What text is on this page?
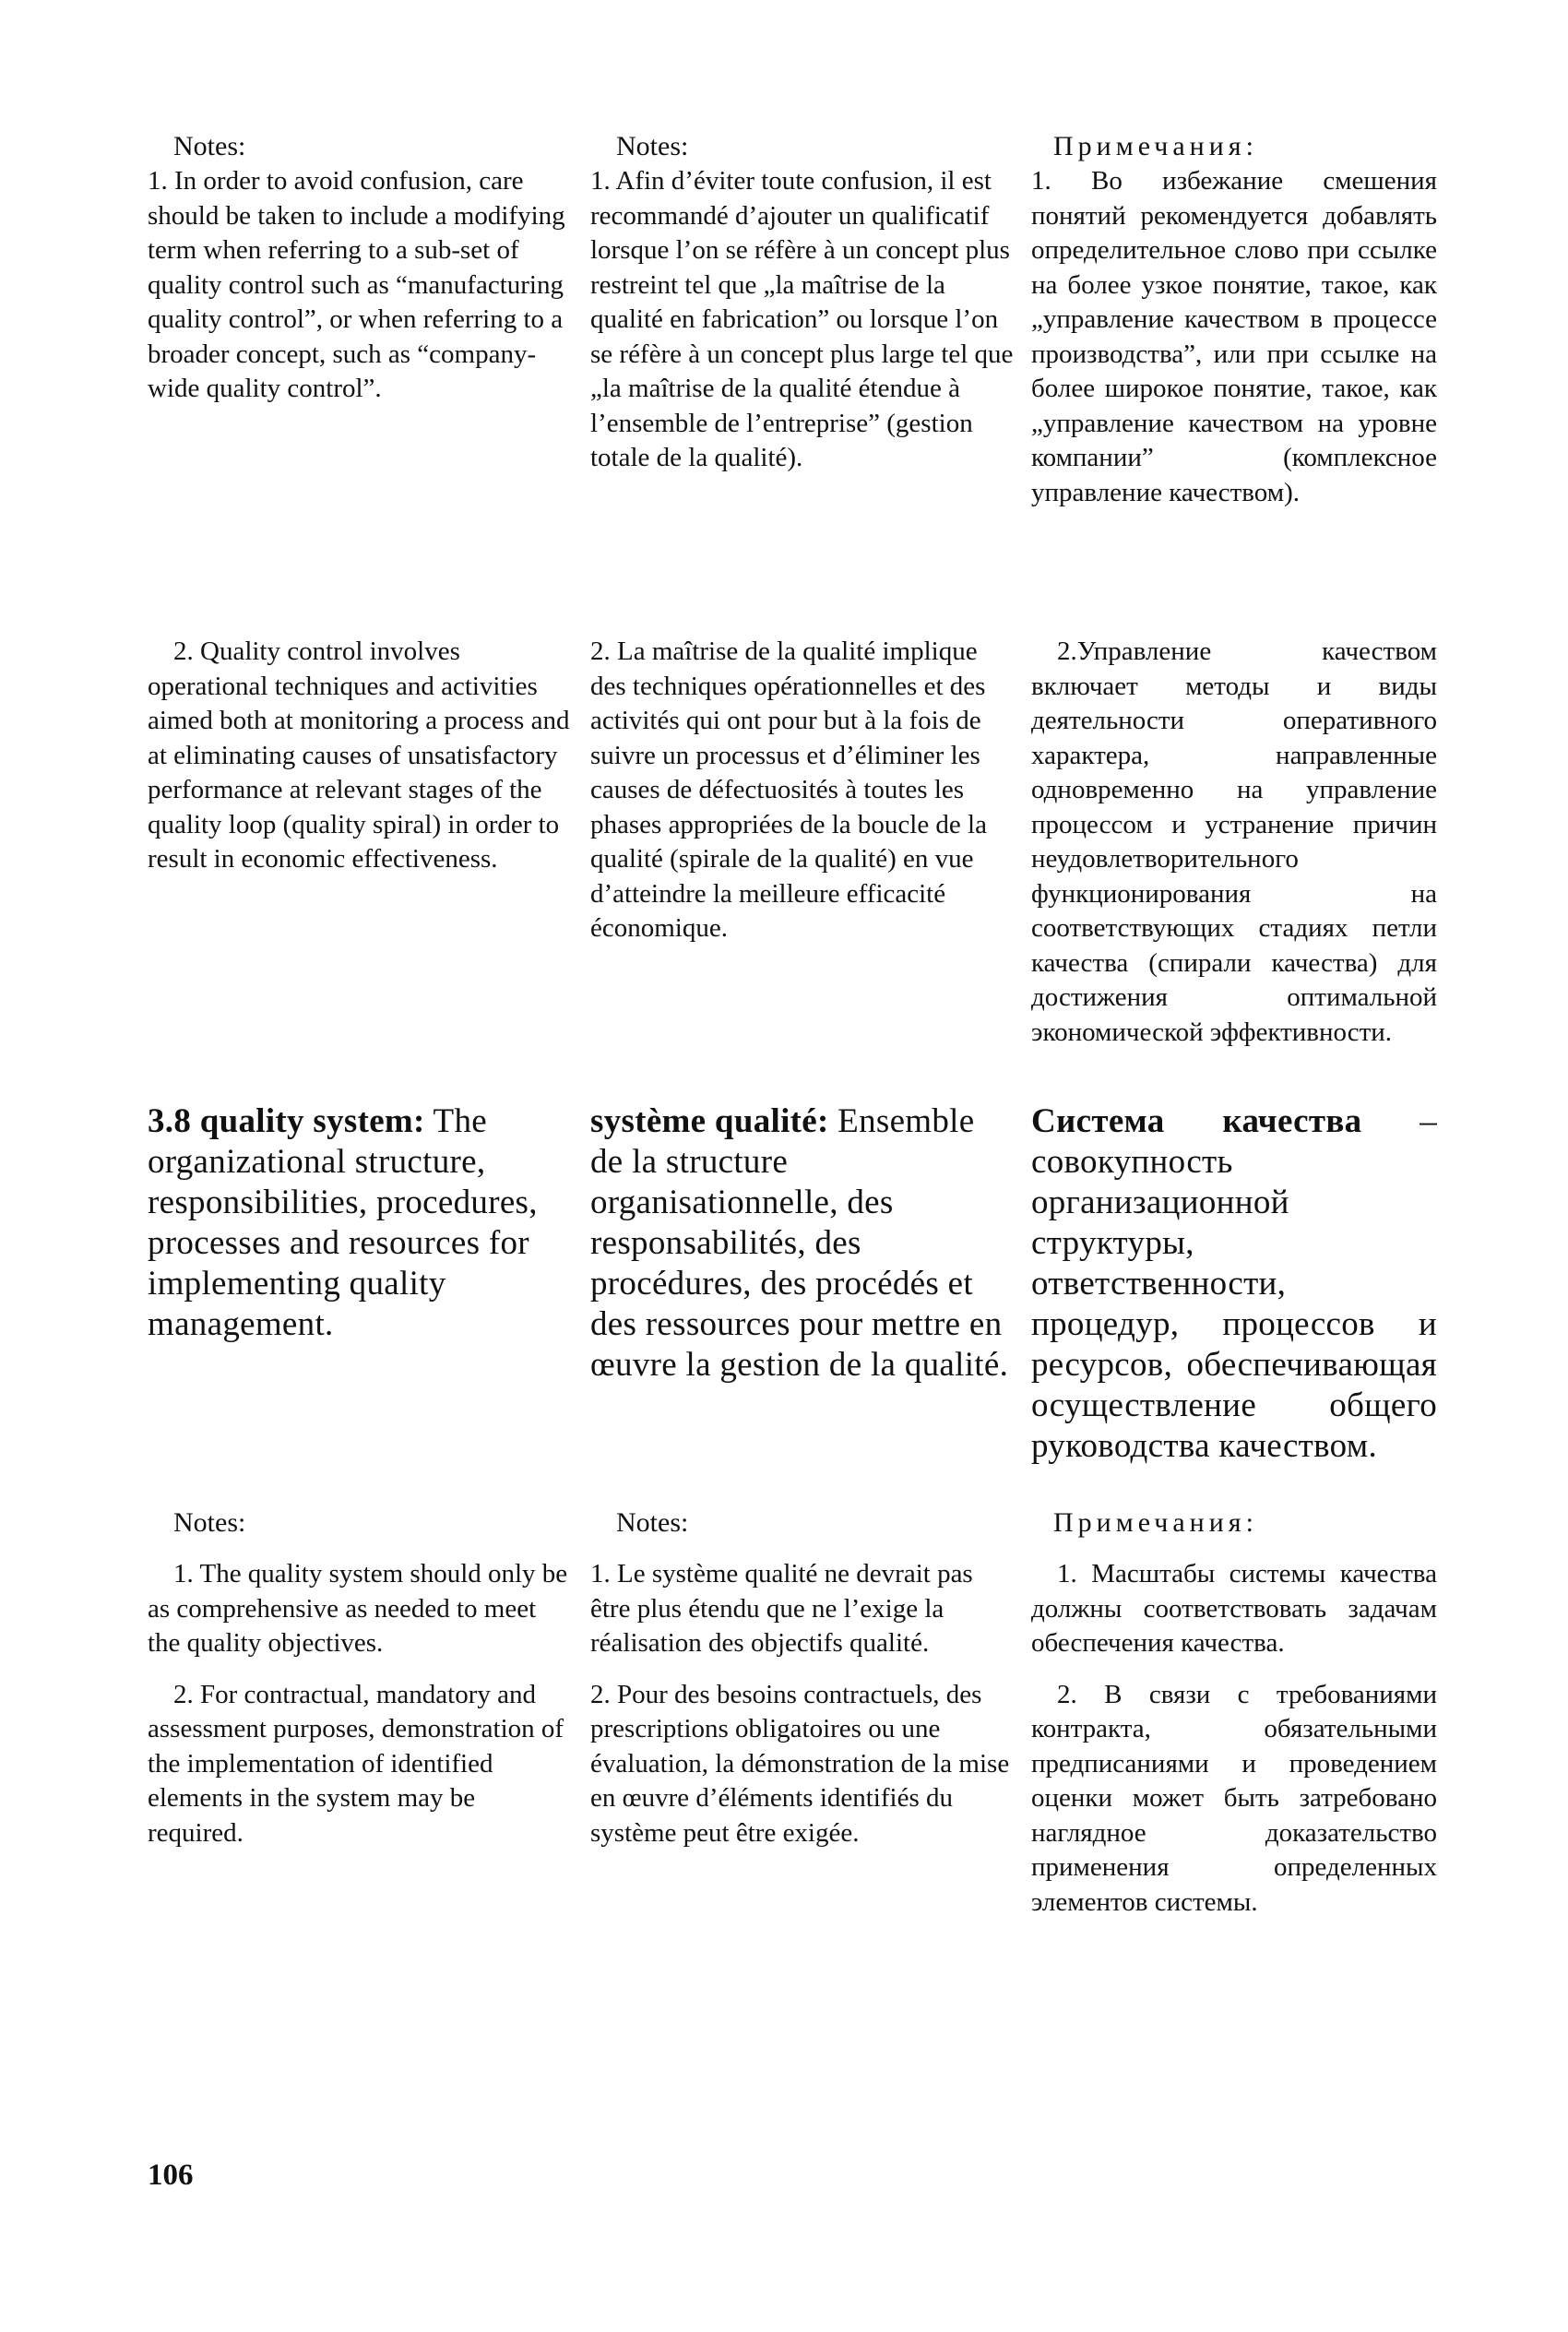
Notes:

1. In order to avoid confusion, care should be taken to include a modifying term when referring to a sub-set of quality control such as “manufacturing quality control”, or when referring to a broader concept, such as “company-wide quality control”.

2. Quality control involves operational techniques and activities aimed both at monitoring a process and at eliminating causes of unsatisfactory performance at relevant stages of the quality loop (quality spiral) in order to result in economic effectiveness.

3.8 quality system: The organizational structure, responsibilities, procedures, processes and resources for implementing quality management.

Notes:

1. The quality system should only be as comprehensive as needed to meet the quality objectives.

2. For contractual, mandatory and assessment purposes, demonstration of the implementation of identified elements in the system may be required.

Notes:

1. Afin d’éviter toute confusion, il est recommandé d’ajouter un qualificatif lorsque l’on se réfère à un concept plus restreint tel que „la maîtrise de la qualité en fabrication” ou lorsque l’on se réfère à un concept plus large tel que „la maîtrise de la qualité étendue à l’ensemble de l’entreprise” (gestion totale de la qualité).

2. La maîtrise de la qualité implique des techniques opérationnelles et des activités qui ont pour but à la fois de suivre un processus et d’éliminer les causes de défectuosités à toutes les phases appropriées de la boucle de la qualité (spirale de la qualité) en vue d’atteindre la meilleure efficacité économique.

système qualité: Ensemble de la structure organisationnelle, des responsabilités, des procédures, des procédés et des ressources pour mettre en œuvre la gestion de la qualité.

Notes:

1. Le système qualité ne devrait pas être plus étendu que ne l’exige la réalisation des objectifs qualité.

2. Pour des besoins contractuels, des prescriptions obligatoires ou une évaluation, la démonstration de la mise en œuvre d’éléments identifiés du système peut être exigée.

Примечания:

1. Во избежание смешения понятий рекомендуется добавлять определительное слово при ссылке на более узкое понятие, такое, как „управление качеством в процессе производства”, или при ссылке на более широкое понятие, такое, как „управление качеством на уровне компании” (комплексное управление качеством).

2.Управление качеством включает методы и виды деятельности оперативного характера, направленные одновременно на управление процессом и устранение причин неудовлетворительного функционирования на соответствующих стадиях петли качества (спирали качества) для достижения оптимальной экономической эффективности.

Система качества – совокупность организационной структуры, ответственности, процедур, процессов и ресурсов, обеспечивающая осуществление общего руководства качеством.

Примечания:

1. Масштабы системы качества должны соответствовать задачам обеспечения качества.

2. В связи с требованиями контракта, обязательными предписаниями и проведением оценки может быть затребовано наглядное доказательство применения определенных элементов системы.

106
